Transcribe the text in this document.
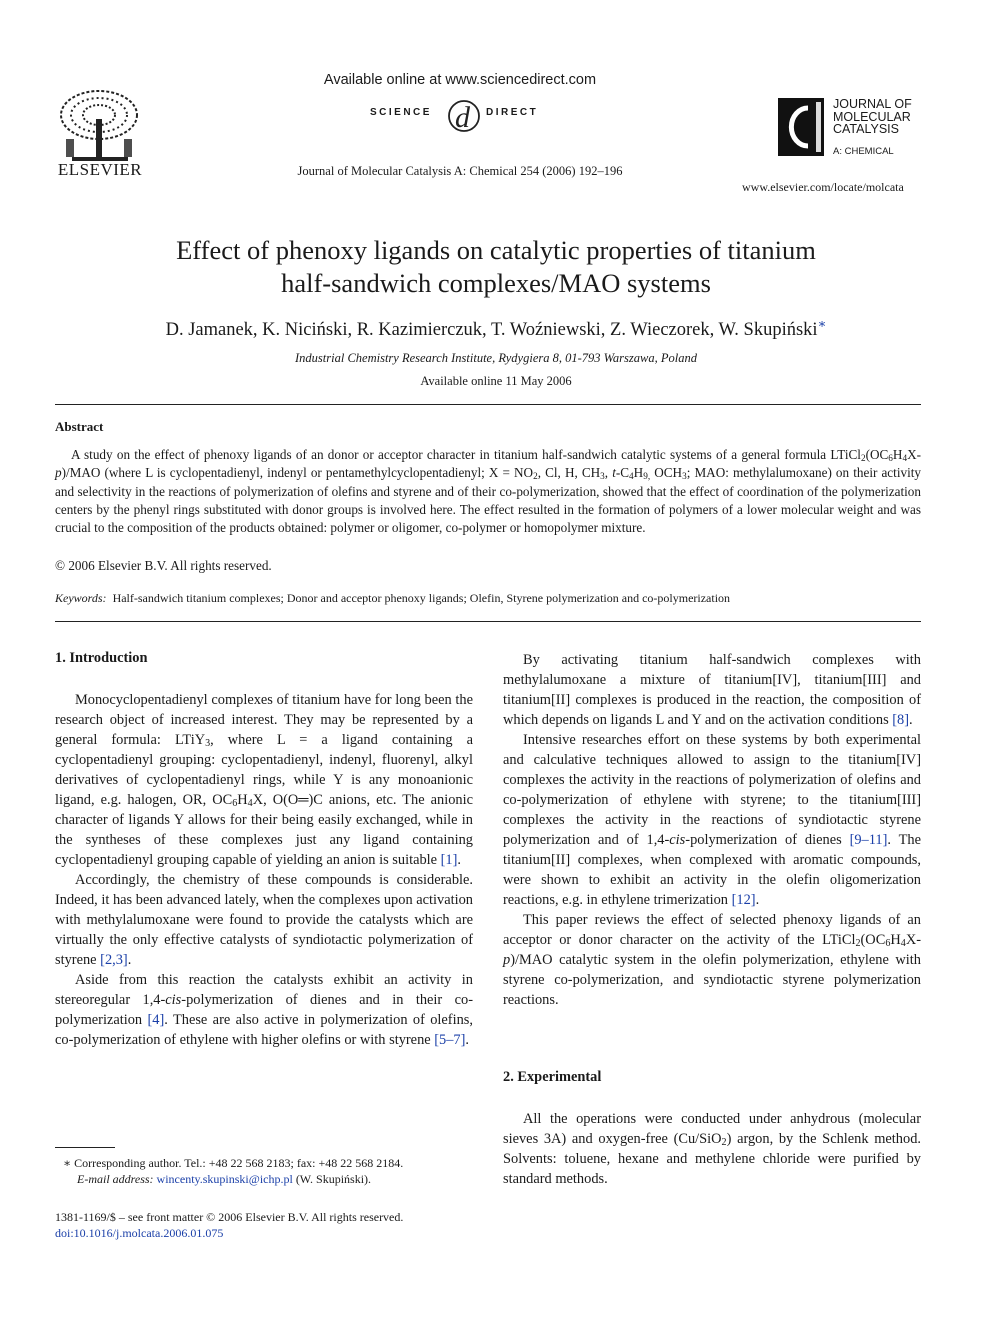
ELSEVIER
Available online at www.sciencedirect.com
SCIENCE d DIRECT
Journal of Molecular Catalysis A: Chemical 254 (2006) 192–196
JOURNAL OF
MOLECULAR
CATALYSIS
A: CHEMICAL
www.elsevier.com/locate/molcata
Effect of phenoxy ligands on catalytic properties of titanium
half-sandwich complexes/MAO systems
D. Jamanek, K. Niciński, R. Kazimierczuk, T. Woźniewski, Z. Wieczorek, W. Skupiński∗
Industrial Chemistry Research Institute, Rydygiera 8, 01-793 Warszawa, Poland
Available online 11 May 2006
Abstract

A study on the effect of phenoxy ligands of an donor or acceptor character in titanium half-sandwich catalytic systems of a general formula $LTiCl_2(OC_6H_4X-p)$/MAO (where L is cyclopentadienyl, indenyl or pentamethylcyclopentadienyl; $X = NO_2$, Cl, H, $CH_3$, $t-C_4H_{9,}$ $OCH_3$; MAO: methylalumoxane) on their activity and selectivity in the reactions of polymerization of olefins and styrene and of their co-polymerization, showed that the effect of coordination of the polymerization centers by the phenyl rings substituted with donor groups is involved here. The effect resulted in the formation of polymers of a lower molecular weight and was crucial to the composition of the products obtained: polymer or oligomer, co-polymer or homopolymer mixture.

© 2006 Elsevier B.V. All rights reserved.
Keywords: Half-sandwich titanium complexes; Donor and acceptor phenoxy ligands; Olefin, Styrene polymerization and co-polymerization
1. Introduction

Monocyclopentadienyl complexes of titanium have for long been the research object of increased interest. They may be represented by a general formula: LTiY$_3$, where L = a ligand containing a cyclopentadienyl grouping: cyclopentadienyl, indenyl, fluorenyl, alkyl derivatives of cyclopentadienyl rings, while Y is any monoanionic ligand, e.g. halogen, OR, $OC_6H_4X$, O(O═)C anions, etc. The anionic character of ligands Y allows for their being easily exchanged, while in the syntheses of these complexes just any ligand containing cyclopentadienyl grouping capable of yielding an anion is suitable [1].

Accordingly, the chemistry of these compounds is considerable. Indeed, it has been advanced lately, when the complexes upon activation with methylalumoxane were found to provide the catalysts which are virtually the only effective catalysts of syndiotactic polymerization of styrene [2,3].

Aside from this reaction the catalysts exhibit an activity in stereoregular 1,4-cis-polymerization of dienes and in their co-polymerization [4]. These are also active in polymerization of olefins, co-polymerization of ethylene with higher olefins or with styrene [5–7].

∗ Corresponding author. Tel.: +48 22 568 2183; fax: +48 22 568 2184.
E-mail address: wincenty.skupinski@ichp.pl (W. Skupiński).
1381-1169/$ – see front matter © 2006 Elsevier B.V. All rights reserved.
doi:10.1016/j.molcata.2006.01.075

By activating titanium half-sandwich complexes with methylalumoxane a mixture of titanium[IV], titanium[III] and titanium[II] complexes is produced in the reaction, the composition of which depends on ligands L and Y and on the activation conditions [8].

Intensive researches effort on these systems by both experimental and calculative techniques allowed to assign to the titanium[IV] complexes the activity in the reactions of polymerization of olefins and co-polymerization of ethylene with styrene; to the titanium[III] complexes the activity in the reactions of syndiotactic styrene polymerization and of 1,4-cis-polymerization of dienes [9–11]. The titanium[II] complexes, when complexed with aromatic compounds, were shown to exhibit an activity in the olefin oligomerization reactions, e.g. in ethylene trimerization [12].

This paper reviews the effect of selected phenoxy ligands of an acceptor or donor character on the activity of the $LTiCl_2(OC_6H_4X-p)$/MAO catalytic system in the olefin polymerization, ethylene with styrene co-polymerization, and syndiotactic styrene polymerization reactions.

2. Experimental

All the operations were conducted under anhydrous (molecular sieves 3A) and oxygen-free (Cu/SiO$_2$) argon, by the Schlenk method. Solvents: toluene, hexane and methylene chloride were purified by standard methods.
